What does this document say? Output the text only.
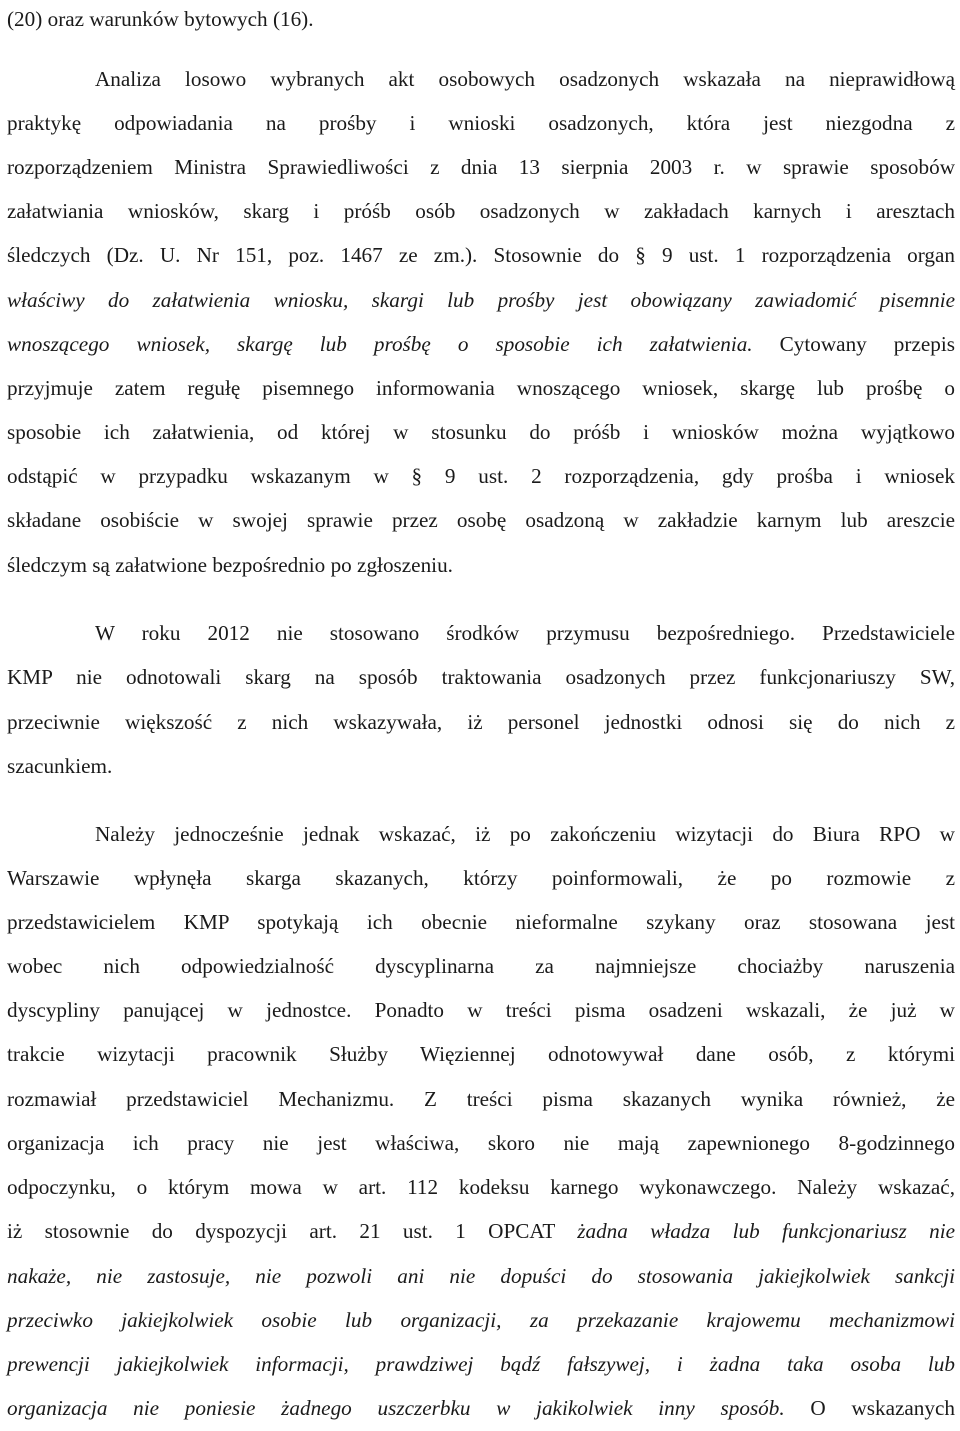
(20) oraz warunków bytowych (16).
Analiza losowo wybranych akt osobowych osadzonych wskazała na nieprawidłową
praktykę odpowiadania na prośby i wnioski osadzonych, która jest niezgodna z
rozporządzeniem Ministra Sprawiedliwości z dnia 13 sierpnia 2003 r. w sprawie sposobów
załatwiania wniosków, skarg i próśb osób osadzonych w zakładach karnych i aresztach
śledczych (Dz. U. Nr 151, poz. 1467 ze zm.). Stosownie do § 9 ust. 1 rozporządzenia organ
właściwy do załatwienia wniosku, skargi lub prośby jest obowiązany zawiadomić pisemnie
wnoszącego wniosek, skargę lub prośbę o sposobie ich załatwienia. Cytowany przepis
przyjmuje zatem regułę pisemnego informowania wnoszącego wniosek, skargę lub prośbę o
sposobie ich załatwienia, od której w stosunku do próśb i wniosków można wyjątkowo
odstąpić w przypadku wskazanym w § 9 ust. 2 rozporządzenia, gdy prośba i wniosek
składane osobiście w swojej sprawie przez osobę osadzoną w zakładzie karnym lub areszcie
śledczym są załatwione bezpośrednio po zgłoszeniu.
W roku 2012 nie stosowano środków przymusu bezpośredniego. Przedstawiciele
KMP nie odnotowali skarg na sposób traktowania osadzonych przez funkcjonariuszy SW,
przeciwnie większość z nich wskazywała, iż personel jednostki odnosi się do nich z
szacunkiem.
Należy jednocześnie jednak wskazać, iż po zakończeniu wizytacji do Biura RPO w
Warszawie wpłynęła skarga skazanych, którzy poinformowali, że po rozmowie z
przedstawicielem KMP spotykają ich obecnie nieformalne szykany oraz stosowana jest
wobec nich odpowiedzialność dyscyplinarna za najmniejsze chociażby naruszenia
dyscypliny panującej w jednostce. Ponadto w treści pisma osadzeni wskazali, że już w
trakcie wizytacji pracownik Służby Więziennej odnotowywał dane osób, z którymi
rozmawiał przedstawiciel Mechanizmu. Z treści pisma skazanych wynika również, że
organizacja ich pracy nie jest właściwa, skoro nie mają zapewnionego 8-godzinnego
odpoczynku, o którym mowa w art. 112 kodeksu karnego wykonawczego. Należy wskazać,
iż stosownie do dyspozycji art. 21 ust. 1 OPCAT żadna władza lub funkcjonariusz nie
nakaże, nie zastosuje, nie pozwoli ani nie dopuści do stosowania jakiejkolwiek sankcji
przeciwko jakiejkolwiek osobie lub organizacji, za przekazanie krajowemu mechanizmowi
prewencji jakiejkolwiek informacji, prawdziwej bądź fałszywej, i żadna taka osoba lub
organizacja nie poniesie żadnego uszczerbku w jakikolwiek inny sposób. O wskazanych
